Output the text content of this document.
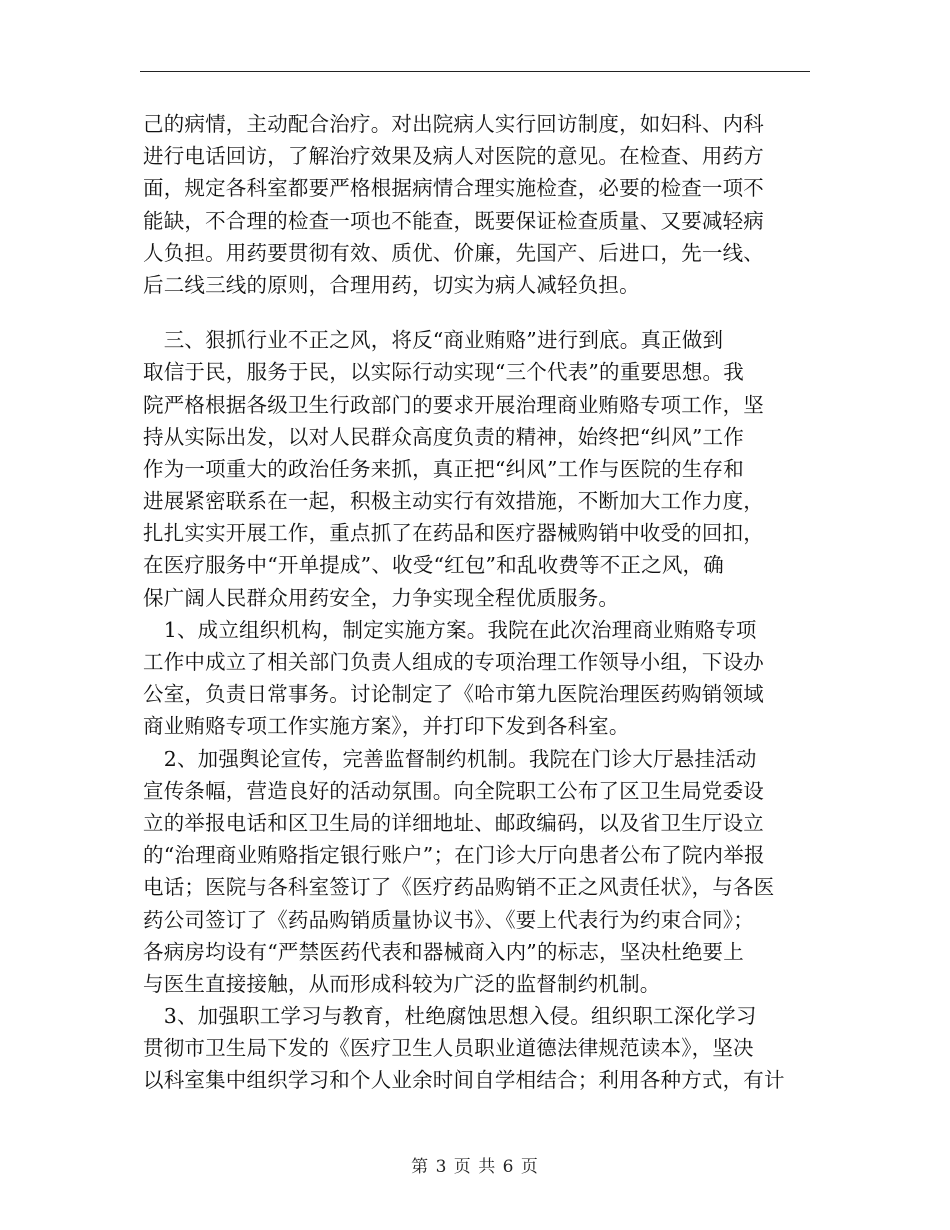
己的病情，主动配合治疗。对出院病人实行回访制度，如妇科、内科
进行电话回访，了解治疗效果及病人对医院的意见。在检查、用药方
面，规定各科室都要严格根据病情合理实施检查，必要的检查一项不
能缺，不合理的检查一项也不能查，既要保证检查质量、又要减轻病
人负担。用药要贯彻有效、质优、价廉，先国产、后进口，先一线、
后二线三线的原则，合理用药，切实为病人减轻负担。
　三、狠抓行业不正之风，将反“商业贿赂”进行到底。真正做到
取信于民，服务于民，以实际行动实现“三个代表”的重要思想。我
院严格根据各级卫生行政部门的要求开展治理商业贿赂专项工作，坚
持从实际出发，以对人民群众高度负责的精神，始终把“纠风”工作
作为一项重大的政治任务来抓，真正把“纠风”工作与医院的生存和
进展紧密联系在一起，积极主动实行有效措施，不断加大工作力度，
扎扎实实开展工作，重点抓了在药品和医疗器械购销中收受的回扣，
在医疗服务中“开单提成”、收受“红包”和乱收费等不正之风，确
保广阔人民群众用药安全，力争实现全程优质服务。
　1、成立组织机构，制定实施方案。我院在此次治理商业贿赂专项
工作中成立了相关部门负责人组成的专项治理工作领导小组，下设办
公室，负责日常事务。讨论制定了《哈市第九医院治理医药购销领域
商业贿赂专项工作实施方案》，并打印下发到各科室。
　2、加强舆论宣传，完善监督制约机制。我院在门诊大厅悬挂活动
宣传条幅，营造良好的活动氛围。向全院职工公布了区卫生局党委设
立的举报电话和区卫生局的详细地址、邮政编码，以及省卫生厅设立
的“治理商业贿赂指定银行账户”；在门诊大厅向患者公布了院内举报
电话；医院与各科室签订了《医疗药品购销不正之风责任状》，与各医
药公司签订了《药品购销质量协议书》、《要上代表行为约束合同》；
各病房均设有“严禁医药代表和器械商入内”的标志，坚决杜绝要上
与医生直接接触，从而形成科较为广泛的监督制约机制。
　3、加强职工学习与教育，杜绝腐蚀思想入侵。组织职工深化学习
贯彻市卫生局下发的《医疗卫生人员职业道德法律规范读本》，坚决
以科室集中组织学习和个人业余时间自学相结合；利用各种方式，有计
第 3 页 共 6 页
